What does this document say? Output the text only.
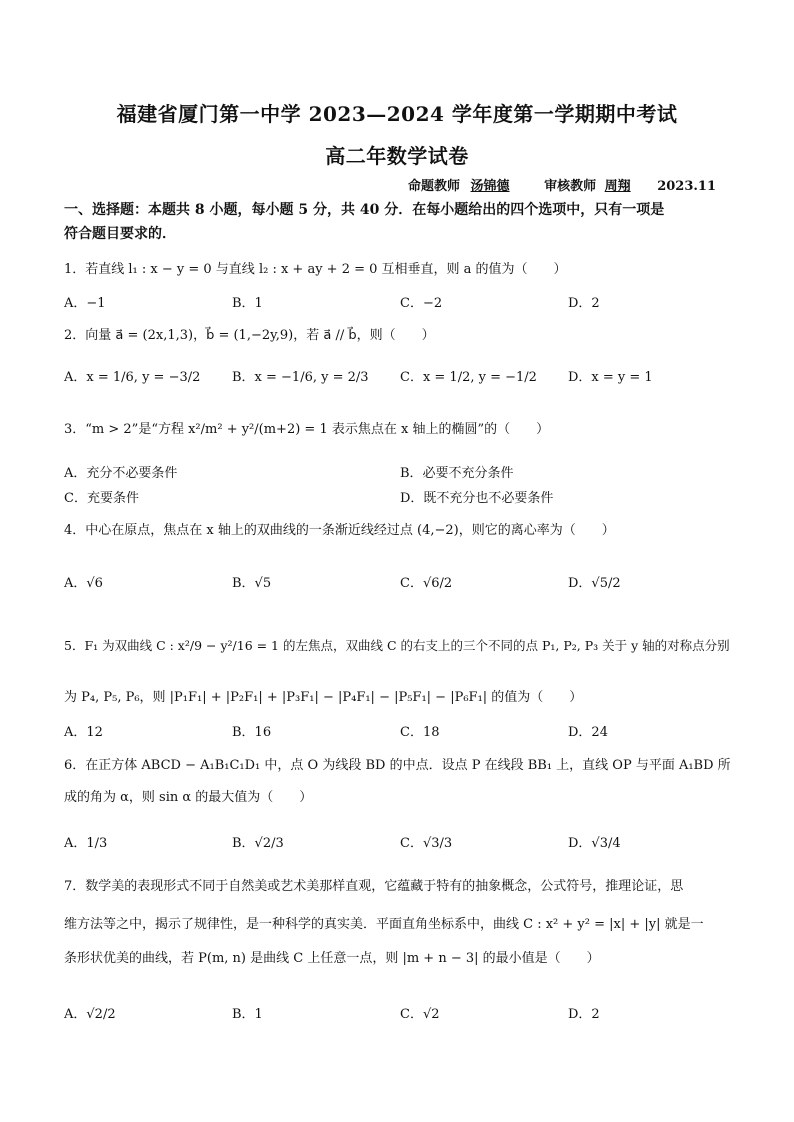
福建省厦门第一中学 2023—2024 学年度第一学期期中考试
高二年数学试卷
命题教师 汤锦德	审核教师 周翔 2023.11
一、选择题：本题共 8 小题，每小题 5 分，共 40 分．在每小题给出的四个选项中，只有一项是
符合题目要求的．
1．若直线 l₁ : x − y = 0 与直线 l₂ : x + ay + 2 = 0 互相垂直，则 a 的值为（　　）
A．−1	B．1	C．−2	D．2
2．向量 a⃗ = (2x,1,3)，b⃗ = (1,−2y,9)，若 a⃗ // b⃗，则（　　）
A．x = 1/6, y = −3/2 B．x = −1/6, y = 2/3 C．x = 1/2, y = −1/2 D．x = y = 1
3．“m > 2”是“方程 x²/m² + y²/(m+2) = 1 表示焦点在 x 轴上的椭圆”的（　　）
A．充分不必要条件	B．必要不充分条件
C．充要条件	D．既不充分也不必要条件
4．中心在原点，焦点在 x 轴上的双曲线的一条渐近线经过点 (4,−2)，则它的离心率为（　　）
A．√6	B．√5	C．√6/2	D．√5/2
5．F₁ 为双曲线 C : x²/9 − y²/16 = 1 的左焦点，双曲线 C 的右支上的三个不同的点 P₁, P₂, P₃ 关于 y 轴的对称点分别
为 P₄, P₅, P₆，则 |P₁F₁| + |P₂F₁| + |P₃F₁| − |P₄F₁| − |P₅F₁| − |P₆F₁| 的值为（　　）
A．12	B．16	C．18	D．24
6．在正方体 ABCD − A₁B₁C₁D₁ 中，点 O 为线段 BD 的中点．设点 P 在线段 BB₁ 上，直线 OP 与平面 A₁BD 所
成的角为 α，则 sin α 的最大值为（　　）
A．1/3	B．√2/3	C．√3/3	D．√3/4
7．数学美的表现形式不同于自然美或艺术美那样直观，它蕴藏于特有的抽象概念，公式符号，推理论证，思
维方法等之中，揭示了规律性，是一种科学的真实美．平面直角坐标系中，曲线 C : x² + y² = |x| + |y| 就是一
条形状优美的曲线，若 P(m, n) 是曲线 C 上任意一点，则 |m + n − 3| 的最小值是（　　）
A．√2/2	B．1	C．√2	D．2
